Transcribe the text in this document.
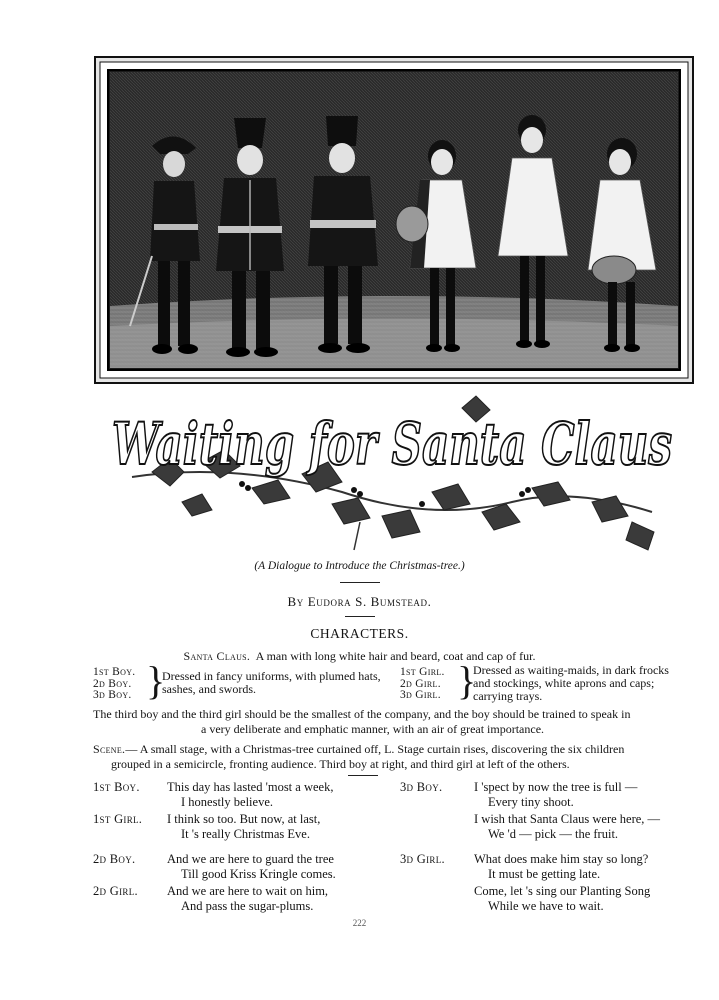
Waiting for Santa Claus
(A Dialogue to Introduce the Christmas-tree.)
By Eudora S. Bumstead.
CHARACTERS.
Santa Claus. A man with long white hair and beard, coat and cap of fur.
1st Boy.
2d Boy.
3d Boy. }
Dressed in fancy uniforms, with plumed hats,
sashes, and swords.
1st Girl.
2d Girl.
3d Girl. }
Dressed as waiting-maids, in dark frocks
and stockings, white aprons and caps;
carrying trays.
The third boy and the third girl should be the smallest of the company, and the boy should be trained to speak in
a very deliberate and emphatic manner, with an air of great importance.
Scene.— A small stage, with a Christmas-tree curtained off, L. Stage curtain rises, discovering the six children
grouped in a semicircle, fronting audience. Third boy at right, and third girl at left of the others.
1st Boy. This day has lasted 'most a week,
I honestly believe.
1st Girl. I think so too. But now, at last,
It 's really Christmas Eve.
2d Boy.	And we are here to guard the tree
Till good Kriss Kringle comes.
2d Girl. And we are here to wait on him,
And pass the sugar-plums.
3d Boy.	I 'spect by now the tree is full —
Every tiny shoot.
I wish that Santa Claus were here, —
We 'd — pick — the fruit.
3d Girl. What does make him stay so long?
It must be getting late.
Come, let 's sing our Planting Song
While we have to wait.
222
